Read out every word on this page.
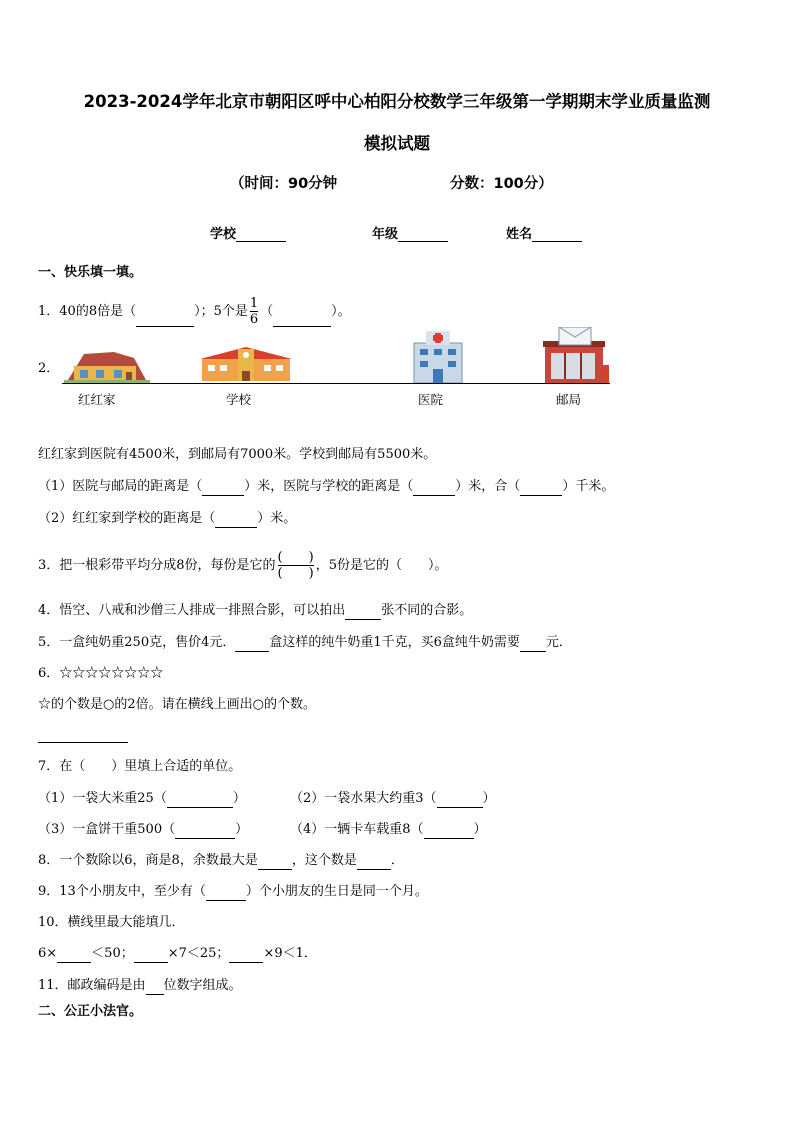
2023-2024学年北京市朝阳区呼中心柏阳分校数学三年级第一学期期末学业质量监测
模拟试题
（时间：90分钟	分数：100分）
学校	年级	姓名
一、快乐填一填。
1．40的8倍是（	）；5个是 $\frac{1}{6}$ （	）。
2．
红红家	学校	医院	邮局
红红家到医院有4500米，到邮局有7000米。学校到邮局有5500米。
（1）医院与邮局的距离是（	）米，医院与学校的距离是（	）米，合（	）千米。
（2）红红家到学校的距离是（	）米。
3．把一根彩带平均分成8份，每份是它的 $\frac{( )}{( )}$ ，5份是它的（　　）。
4．悟空、八戒和沙僧三人排成一排照合影，可以拍出	张不同的合影。
5．一盒纯奶重250克，售价4元．	盒这样的纯牛奶重1千克，买6盒纯牛奶需要 元．
6．☆☆☆☆☆☆☆☆
☆的个数是○的2倍。请在横线上画出○的个数。
7．在（　　）里填上合适的单位。
（1）一袋大米重25（	）	（2）一袋水果大约重3（	）
（3）一盒饼干重500（	）	（4）一辆卡车载重8（	）
8．一个数除以6，商是8，余数最大是	，这个数是	．
9．13个小朋友中，至少有（	）个小朋友的生日是同一个月。
10．横线里最大能填几．
6×	＜50；	×7＜25；	×9＜1．
11．邮政编码是由 位数字组成。
二、公正小法官。
